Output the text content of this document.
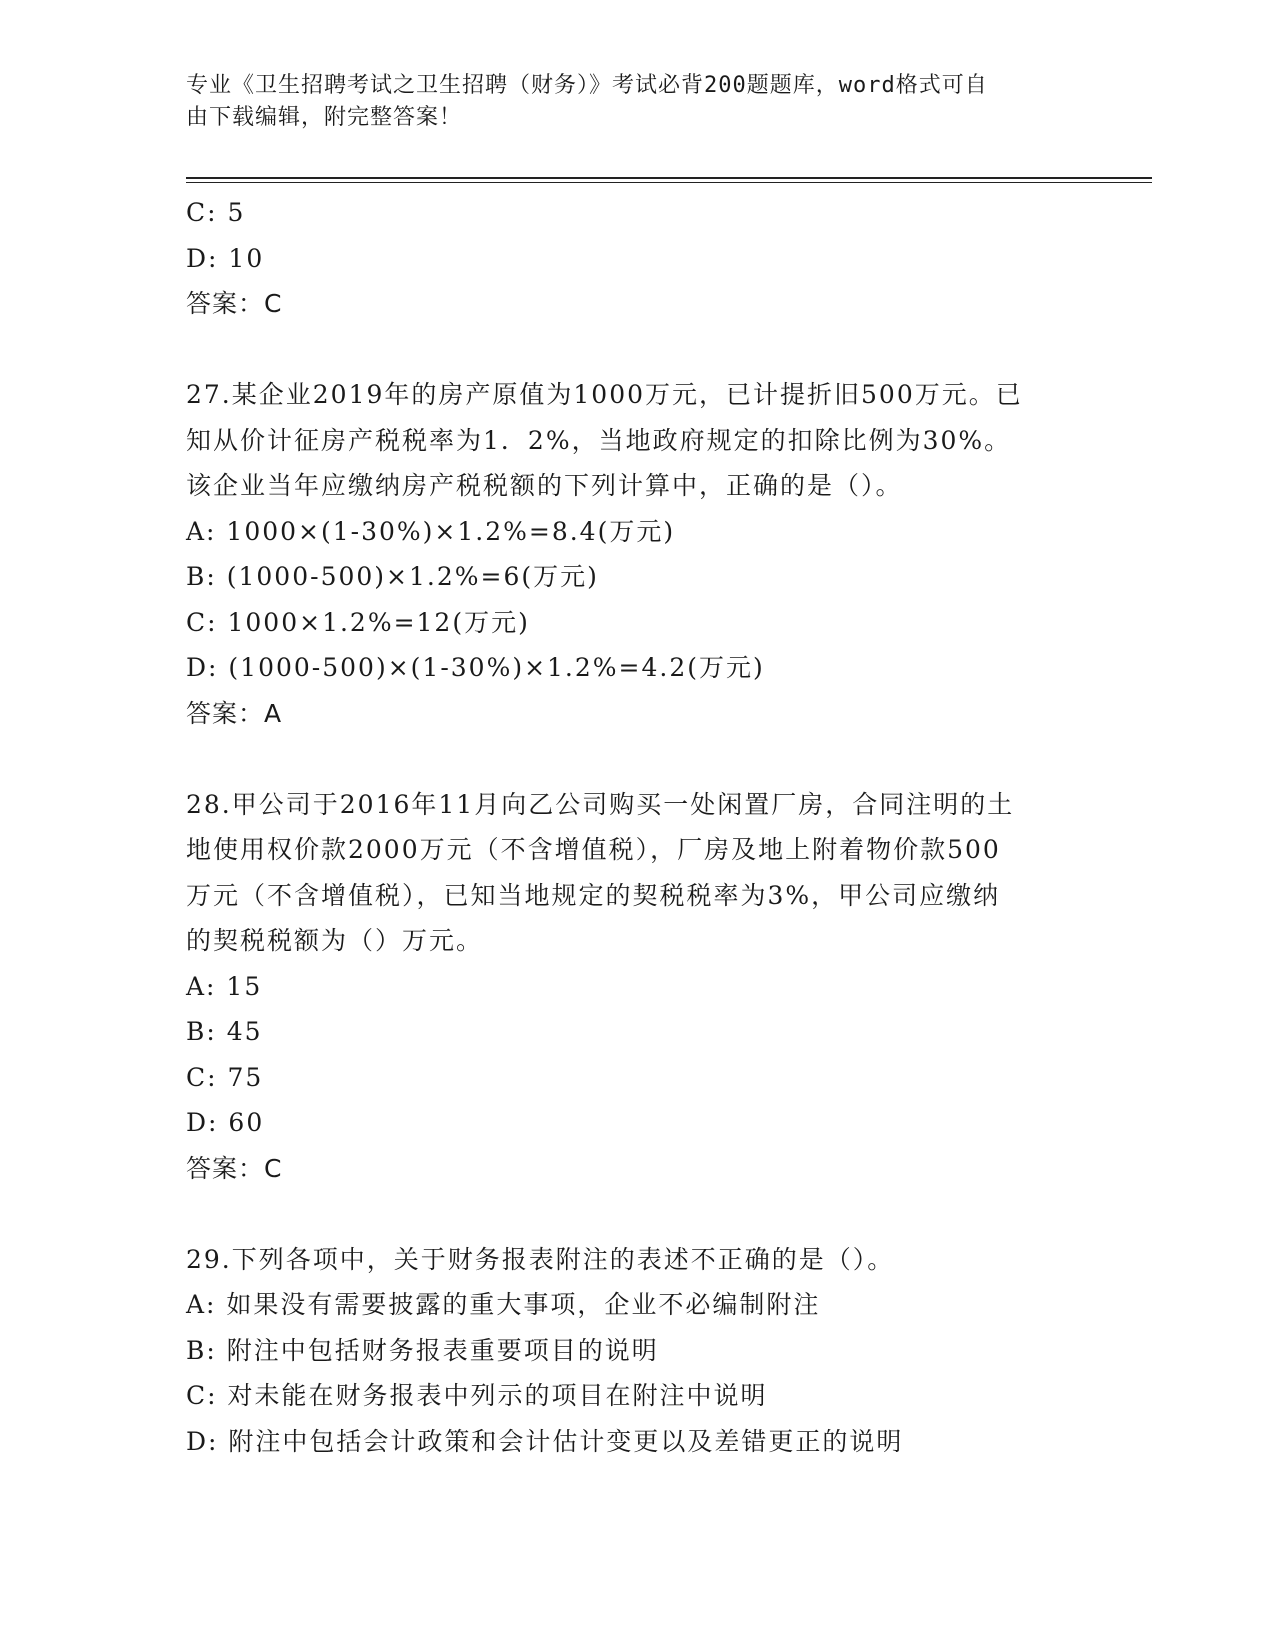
专业《卫生招聘考试之卫生招聘（财务）》考试必背200题题库，word格式可自
由下载编辑，附完整答案！
C: 5
D: 10
答案：C
27.某企业2019年的房产原值为1000万元，已计提折旧500万元。已
知从价计征房产税税率为1．2%，当地政府规定的扣除比例为30%。
该企业当年应缴纳房产税税额的下列计算中，正确的是（）。
A: 1000×(1-30%)×1.2%=8.4(万元)
B: (1000-500)×1.2%=6(万元)
C: 1000×1.2%=12(万元)
D: (1000-500)×(1-30%)×1.2%=4.2(万元)
答案：A
28.甲公司于2016年11月向乙公司购买一处闲置厂房，合同注明的土
地使用权价款2000万元（不含增值税），厂房及地上附着物价款500
万元（不含增值税），已知当地规定的契税税率为3%，甲公司应缴纳
的契税税额为（）万元。
A: 15
B: 45
C: 75
D: 60
答案：C
29.下列各项中，关于财务报表附注的表述不正确的是（）。
A: 如果没有需要披露的重大事项，企业不必编制附注
B: 附注中包括财务报表重要项目的说明
C: 对未能在财务报表中列示的项目在附注中说明
D: 附注中包括会计政策和会计估计变更以及差错更正的说明
